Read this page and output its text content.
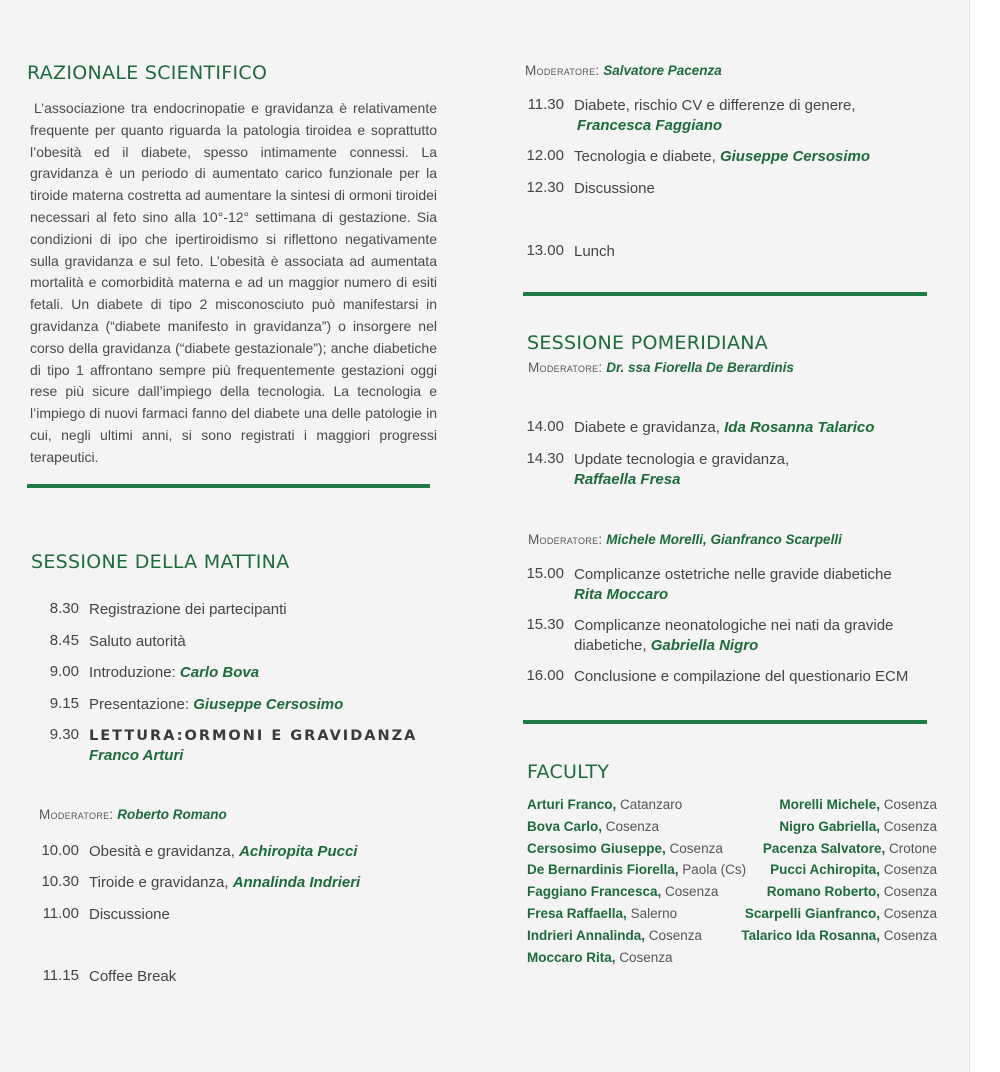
RAZIONALE SCIENTIFICO
L’associazione tra endocrinopatie e gravidanza è relativamente frequente per quanto riguarda la patologia tiroidea e soprattutto l’obesità ed il diabete, spesso intimamente connessi. La gravidanza è un periodo di aumentato carico funzionale per la tiroide materna costretta ad aumentare la sintesi di ormoni tiroidei necessari al feto sino alla 10°-12° settimana di gestazione. Sia condizioni di ipo che ipertiroidismo si riflettono negativamente sulla gravidanza e sul feto. L’obesità è associata ad aumentata mortalità e comorbidità materna e ad un maggior numero di esiti fetali. Un diabete di tipo 2 misconosciuto può manifestarsi in gravidanza (“diabete manifesto in gravidanza”) o insorgere nel corso della gravidanza (“diabete gestazionale”); anche diabetiche di tipo 1 affrontano sempre più frequentemente gestazioni oggi rese più sicure dall’impiego della tecnologia. La tecnologia e l’impiego di nuovi farmaci fanno del diabete una delle patologie in cui, negli ultimi anni, si sono registrati i maggiori progressi terapeutici.
SESSIONE DELLA MATTINA
8.30 Registrazione dei partecipanti
8.45 Saluto autorità
9.00 Introduzione: Carlo Bova
9.15 Presentazione: Giuseppe Cersosimo
9.30 LETTURA:ORMONI E GRAVIDANZA
Franco Arturi
Moderatore: Roberto Romano
10.00 Obesità e gravidanza, Achiropita Pucci
10.30 Tiroide e gravidanza, Annalinda Indrieri
11.00 Discussione
11.15 Coffee Break
Moderatore: Salvatore Pacenza
11.30 Diabete, rischio CV e differenze di genere,
Francesca Faggiano
12.00 Tecnologia e diabete, Giuseppe Cersosimo
12.30 Discussione
13.00 Lunch
SESSIONE POMERIDIANA
Moderatore: Dr. ssa Fiorella De Berardinis
14.00 Diabete e gravidanza, Ida Rosanna Talarico
14.30 Update tecnologia e gravidanza,
Raffaella Fresa
Moderatore: Michele Morelli, Gianfranco Scarpelli
15.00 Complicanze ostetriche nelle gravide diabetiche
Rita Moccaro
15.30 Complicanze neonatologiche nei nati da gravide
diabetiche, Gabriella Nigro
16.00 Conclusione e compilazione del questionario ECM
FACULTY
Arturi Franco, Catanzaro
Bova Carlo, Cosenza
Cersosimo Giuseppe, Cosenza
De Bernardinis Fiorella, Paola (Cs)
Faggiano Francesca, Cosenza
Fresa Raffaella, Salerno
Indrieri Annalinda, Cosenza
Moccaro Rita, Cosenza
Morelli Michele, Cosenza
Nigro Gabriella, Cosenza
Pacenza Salvatore, Crotone
Pucci Achiropita, Cosenza
Romano Roberto, Cosenza
Scarpelli Gianfranco, Cosenza
Talarico Ida Rosanna, Cosenza
